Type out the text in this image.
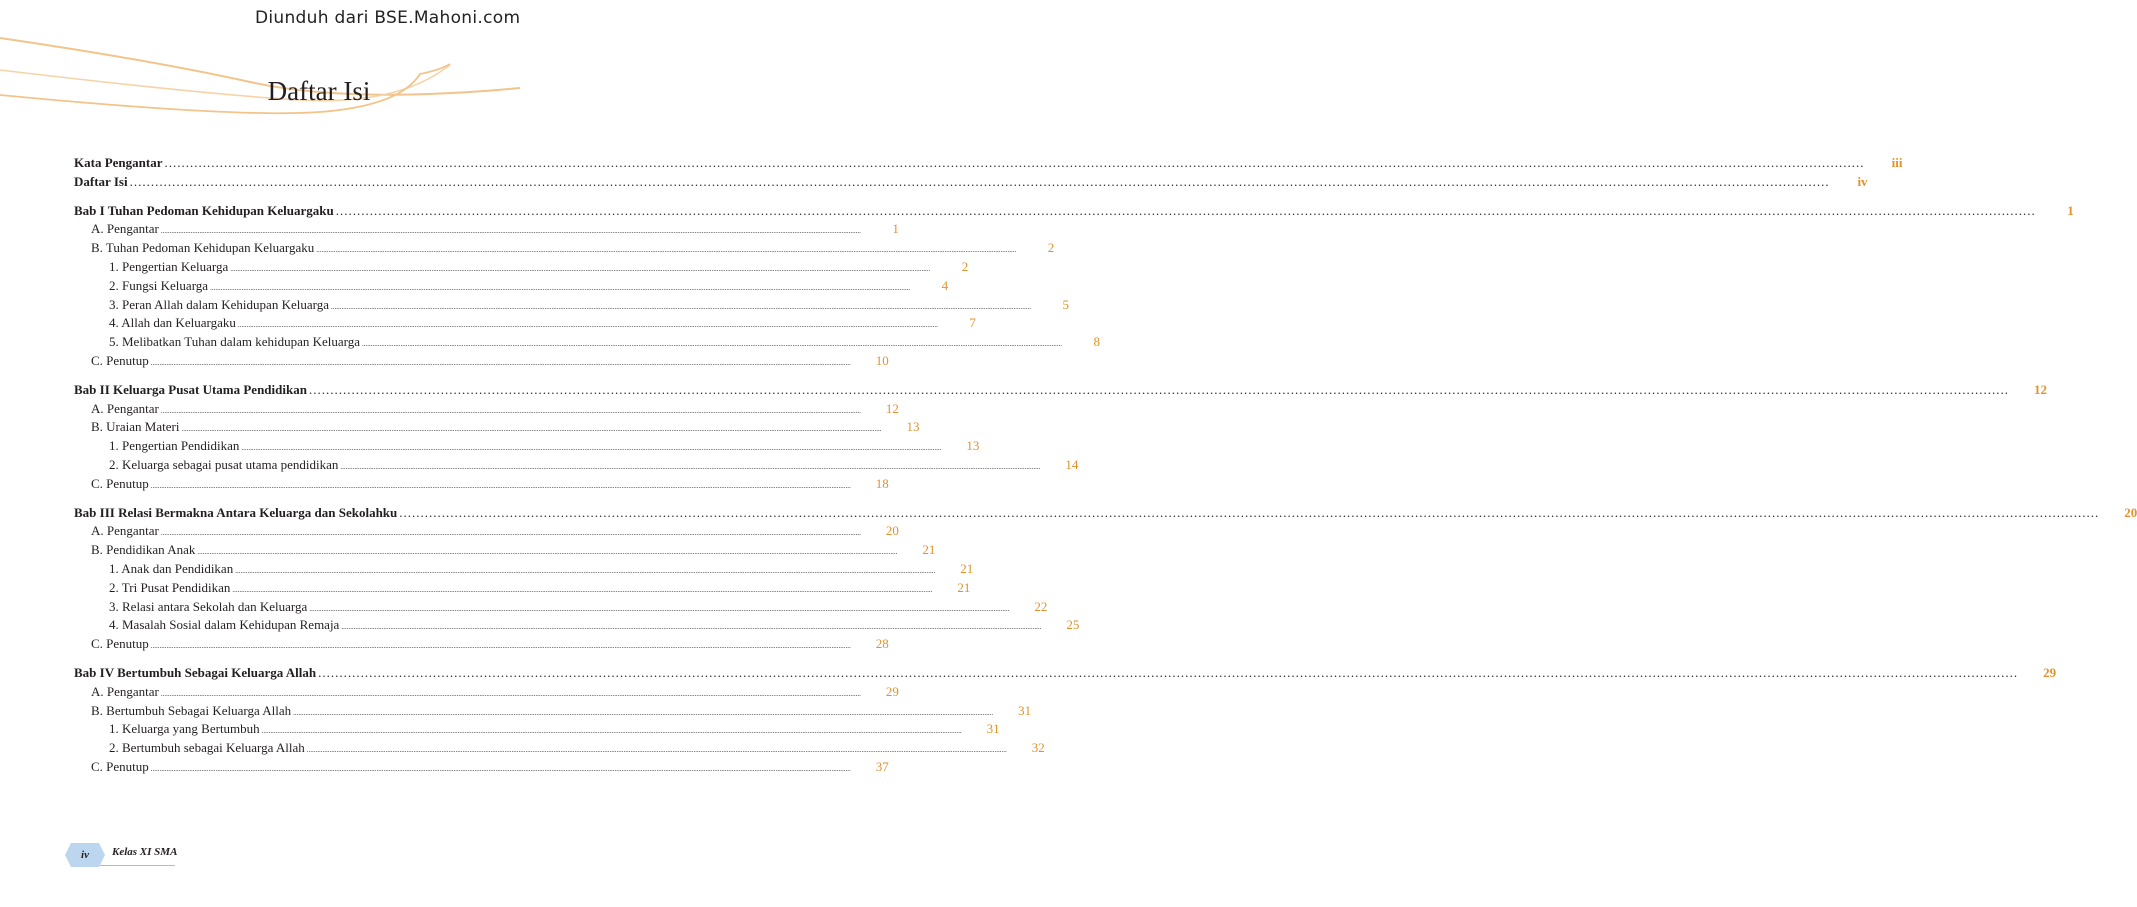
Diunduh dari BSE.Mahoni.com
Daftar Isi
Kata Pengantar ................................................................................................................................................................................................................................................................................................................................................................................................................	iii
Daftar Isi ................................................................................................................................................................................................................................................................................................................................................................................................................	iv
Bab I Tuhan Pedoman Kehidupan Keluargaku ................................................................................................................................................................................................................................................................................................................................................................................................................	1
A. Pengantar ................................................................................................................................................................................................................................................................................................................................................................................................................	1
B. Tuhan Pedoman Kehidupan Keluargaku ................................................................................................................................................................................................................................................................................................................................................................................................................	2
1. Pengertian Keluarga ................................................................................................................................................................................................................................................................................................................................................................................................................	2
2. Fungsi Keluarga ................................................................................................................................................................................................................................................................................................................................................................................................................	4
3. Peran Allah dalam Kehidupan Keluarga ................................................................................................................................................................................................................................................................................................................................................................................................................	5
4. Allah dan Keluargaku ................................................................................................................................................................................................................................................................................................................................................................................................................	7
5. Melibatkan Tuhan dalam kehidupan Keluarga ................................................................................................................................................................................................................................................................................................................................................................................................................	8
C. Penutup ................................................................................................................................................................................................................................................................................................................................................................................................................	10
Bab II Keluarga Pusat Utama Pendidikan ................................................................................................................................................................................................................................................................................................................................................................................................................	12
A. Pengantar ................................................................................................................................................................................................................................................................................................................................................................................................................	12
B. Uraian Materi ................................................................................................................................................................................................................................................................................................................................................................................................................	13
1. Pengertian Pendidikan ................................................................................................................................................................................................................................................................................................................................................................................................................	13
2. Keluarga sebagai pusat utama pendidikan ................................................................................................................................................................................................................................................................................................................................................................................................................	14
C. Penutup ................................................................................................................................................................................................................................................................................................................................................................................................................	18
Bab III Relasi Bermakna Antara Keluarga dan Sekolahku ................................................................................................................................................................................................................................................................................................................................................................................................................	20
A. Pengantar ................................................................................................................................................................................................................................................................................................................................................................................................................	20
B. Pendidikan Anak ................................................................................................................................................................................................................................................................................................................................................................................................................	21
1. Anak dan Pendidikan ................................................................................................................................................................................................................................................................................................................................................................................................................	21
2. Tri Pusat Pendidikan ................................................................................................................................................................................................................................................................................................................................................................................................................	21
3. Relasi antara Sekolah dan Keluarga ................................................................................................................................................................................................................................................................................................................................................................................................................	22
4. Masalah Sosial dalam Kehidupan Remaja ................................................................................................................................................................................................................................................................................................................................................................................................................	25
C. Penutup ................................................................................................................................................................................................................................................................................................................................................................................................................	28
Bab IV Bertumbuh Sebagai Keluarga Allah ................................................................................................................................................................................................................................................................................................................................................................................................................	29
A. Pengantar ................................................................................................................................................................................................................................................................................................................................................................................................................	29
B. Bertumbuh Sebagai Keluarga Allah ................................................................................................................................................................................................................................................................................................................................................................................................................	31
1. Keluarga yang Bertumbuh ................................................................................................................................................................................................................................................................................................................................................................................................................	31
2. Bertumbuh sebagai Keluarga Allah ................................................................................................................................................................................................................................................................................................................................................................................................................	32
C. Penutup ................................................................................................................................................................................................................................................................................................................................................................................................................	37
iv	Kelas XI SMA
